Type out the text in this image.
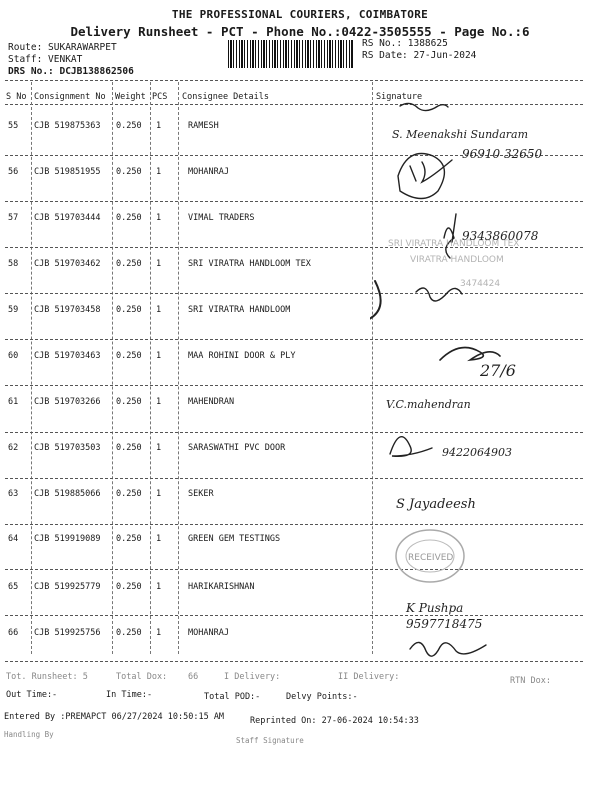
THE PROFESSIONAL COURIERS, COIMBATORE
Delivery Runsheet - PCT - Phone No.:0422-3505555 - Page No.:6
Route: SUKARAWARPET
Staff: VENKAT
DRS No.: DCJB138862506
RS No.: 1388625
RS Date: 27-Jun-2024
S No Consignment No Weight PCS Consignee Details	Signature
55 CJB 519875363 0.250 1	RAMESH
56 CJB 519851955 0.250 1	MOHANRAJ
57 CJB 519703444 0.250 1	VIMAL TRADERS
58 CJB 519703462 0.250 1	SRI VIRATRA HANDLOOM TEX
59 CJB 519703458 0.250 1	SRI VIRATRA HANDLOOM
60 CJB 519703463 0.250 1	MAA ROHINI DOOR & PLY
61 CJB 519703266 0.250 1	MAHENDRAN
62 CJB 519703503 0.250 1	SARASWATHI PVC DOOR
63 CJB 519885066 0.250 1	SEKER
64 CJB 519919089 0.250 1	GREEN GEM TESTINGS
65 CJB 519925779 0.250 1	HARIKARISHNAN
66 CJB 519925756 0.250 1	MOHANRAJ
SRI VIRATRA HANDLOOM TEX
VIRATRA HANDLOOM
3474424
RECEIVED
S. Meenakshi Sundaram
96910 32650
9343860078
27/6
V.C.mahendran
9422064903
S Jayadeesh
K Pushpa
9597718475
Tot. Runsheet: 5	Total Dox: 66	I Delivery:	II Delivery:	RTN Dox:
Out Time:-	In Time:-	Total POD:-	Delvy Points:-
Entered By :PREMAPCT 06/27/2024 10:50:15 AM	Reprinted On: 27-06-2024 10:54:33
Handling By
Staff Signature
